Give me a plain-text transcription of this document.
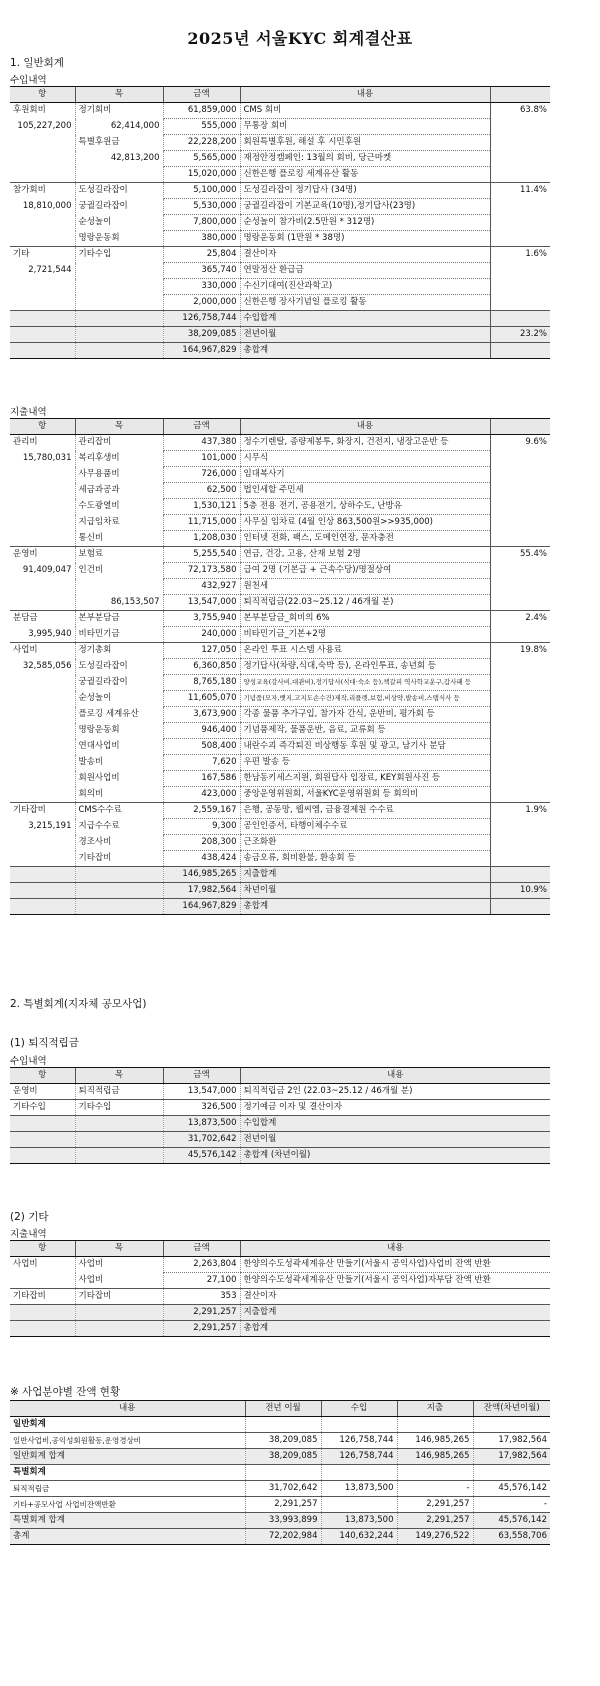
2025년 서울KYC 회계결산표
1. 일반회계
수입내역
항	목	금액	내용	
후원회비	정기회비	61,859,000	CMS 회비	63.8%
105,227,200	62,414,000	555,000	무통장 회비	
	특별후원금	22,228,200	회원특별후원, 해설 후 시민후원	
	42,813,200	5,565,000	재정안정캠페인: 13월의 회비, 당근마켓	
		15,020,000	신한은행 플로킹 세계유산 활동	
참가회비	도성길라잡이	5,100,000	도성길라잡이 정기답사 (34명)	11.4%
18,810,000	궁궐길라잡이	5,530,000	궁궐길라잡이 기본교육(10명),정기답사(23명)	
	순성놀이	7,800,000	순성놀이 참가비(2.5만원 * 312명)	
	명랑운동회	380,000	명랑운동회 (1만원 * 38명)	
기타	기타수입	25,804	결산이자	1.6%
2,721,544		365,740	연말정산 환급금	
		330,000	수신기대여(진산과학고)	
		2,000,000	신한은행 장사기념일 플로킹 활동	
		126,758,744	수입합계	
		38,209,085	전년이월	23.2%
		164,967,829	총합계	
지출내역
항	목	금액	내용	
관리비	관리잡비	437,380	정수기렌탈, 종량제봉투, 화장지, 건전지, 냉장고운반 등	9.6%
15,780,031	복리후생비	101,000	시무식	
	사무용품비	726,000	임대복사기	
	세금과공과	62,500	법인세할 주민세	
	수도광열비	1,530,121	5층 전용 전기, 공용전기, 상하수도, 난방유	
	지급임차료	11,715,000	사무실 임차료 (4월 인상 863,500원>>935,000)	
	통신비	1,208,030	인터넷 전화, 팩스, 도메인연장, 문자충전	
운영비	보험료	5,255,540	연금, 건강, 고용, 산재 보험 2명	55.4%
91,409,047	인건비	72,173,580	급여 2명 (기본급 + 근속수당)/명절상여	
		432,927	원천세	
	86,153,507	13,547,000	퇴직적립금(22.03~25.12 / 46개월 분)	
분담금	본부분담금	3,755,940	본부분담금_회비의 6%	2.4%
3,995,940	비타민기금	240,000	비타민기금_기본+2명	
사업비	정기총회	127,050	온라인 투표 시스템 사용료	19.8%
32,585,056	도성길라잡이	6,360,850	정기답사(차량,식대,숙박 등), 온라인투표, 송년회 등	
	궁궐길라잡이	8,765,180	양성교육(강사비,대관비),정기답사(식대·숙소 등),책갈피 역사학교운구,갑사패 등	
	순성놀이	11,605,070	기념품(모자,뱃지,고지도손수건)제작,리플렛,보험,비상약,발송비,스탭식사 등	
	플로깅 세계유산	3,673,900	각종 물품 추가구입, 참가자 간식, 운반비, 평가회 등	
	명랑운동회	946,400	기념품제작, 물품운반, 음료, 교류회 등	
	연대사업비	508,400	내란수괴 즉각퇴진 비상행동 후원 및 광고, 남기사 분담	
	발송비	7,620	우편 발송 등	
	회원사업비	167,586	한남동키세스지원, 회원답사 입장료, KEY회원사진 등	
	회의비	423,000	중앙운영위원회, 서울KYC운영위원회 등 회의비	
기타잡비	CMS수수료	2,559,167	은행, 공동망, 웹씨엠, 금융결제원 수수료	1.9%
3,215,191	지급수수료	9,300	공인인증서, 타행이체수수료	
	경조사비	208,300	근조화환	
	기타잡비	438,424	송금오류, 회비환불, 환송회 등	
		146,985,265	지출합계	
		17,982,564	차년이월	10.9%
		164,967,829	총합계	
2. 특별회계(지자체 공모사업)
(1) 퇴직적립금
수입내역
항	목	금액	내용
운영비	퇴직적립금	13,547,000	퇴직적립금 2인 (22.03~25.12 / 46개월 분)
기타수입	기타수입	326,500	정기예금 이자 및 결산이자
		13,873,500	수입합계
		31,702,642	전년이월
		45,576,142	총합계 (차년이월)
(2) 기타
지출내역
항	목	금액	내용
사업비	사업비	2,263,804	한양의수도성곽세계유산 만들기(서울시 공익사업)사업비 잔액 반환
	사업비	27,100	한양의수도성곽세계유산 만들기(서울시 공익사업)자부담 잔액 반환
기타잡비	기타잡비	353	결산이자
		2,291,257	지출합계
		2,291,257	총합계
※ 사업분야별 잔액 현황
내용	전년 이월	수입	지출	잔액(차년이월)
일반회계				
일반사업비,공익성회원활동,운영경상비	38,209,085	126,758,744	146,985,265	17,982,564
일반회계 합계	38,209,085	126,758,744	146,985,265	17,982,564
특별회계				
퇴직적립금	31,702,642	13,873,500	-	45,576,142
기타+공모사업 사업비잔액반환	2,291,257		2,291,257	-
특별회계 합계	33,993,899	13,873,500	2,291,257	45,576,142
총계	72,202,984	140,632,244	149,276,522	63,558,706
